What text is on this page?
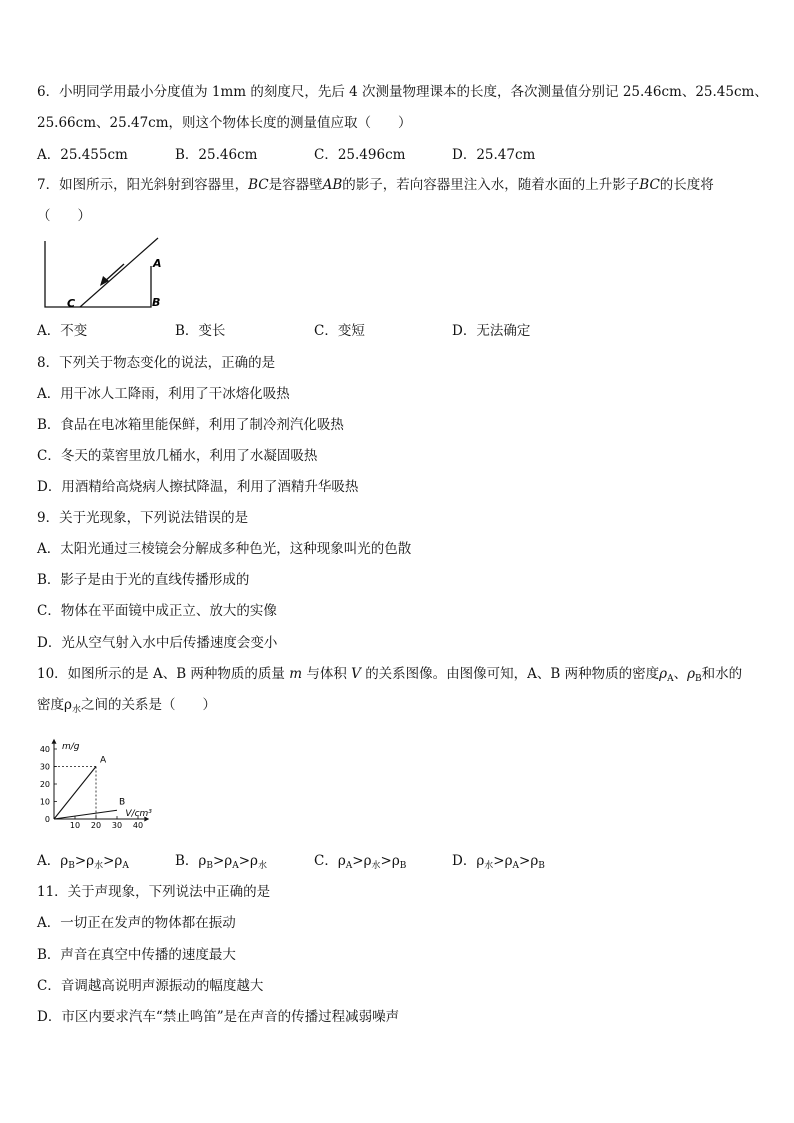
6．小明同学用最小分度值为 1mm 的刻度尺，先后 4 次测量物理课本的长度，各次测量值分别记 25.46cm、25.45cm、
25.66cm、25.47cm，则这个物体长度的测量值应取（　　）
A．25.455cm	B．25.46cm	C．25.496cm	D．25.47cm
7．如图所示，阳光斜射到容器里，BC是容器壁AB的影子，若向容器里注入水，随着水面的上升影子BC的长度将
（　　）
A
B
C
A．不变	B．变长	C．变短	D．无法确定
8．下列关于物态变化的说法，正确的是
A．用干冰人工降雨，利用了干冰熔化吸热
B．食品在电冰箱里能保鲜，利用了制冷剂汽化吸热
C．冬天的菜窖里放几桶水，利用了水凝固吸热
D．用酒精给高烧病人擦拭降温，利用了酒精升华吸热
9．关于光现象，下列说法错误的是
A．太阳光通过三棱镜会分解成多种色光，这种现象叫光的色散
B．影子是由于光的直线传播形成的
C．物体在平面镜中成正立、放大的实像
D．光从空气射入水中后传播速度会变小
10．如图所示的是 A、B 两种物质的质量 m 与体积 V 的关系图像。由图像可知，A、B 两种物质的密度$\rho_A$、$\rho_B$和水的
密度$\rho_水$之间的关系是（　　）
0
10
20
30
40
10 20 30 40
m/g
V/cm³
A
B
A．$\rho_B>\rho_水>\rho_A$	B．$\rho_B>\rho_A>\rho_水$	C．$\rho_A>\rho_水>\rho_B$	D．$\rho_水>\rho_A>\rho_B$
11．关于声现象，下列说法中正确的是
A．一切正在发声的物体都在振动
B．声音在真空中传播的速度最大
C．音调越高说明声源振动的幅度越大
D．市区内要求汽车“禁止鸣笛”是在声音的传播过程减弱噪声
